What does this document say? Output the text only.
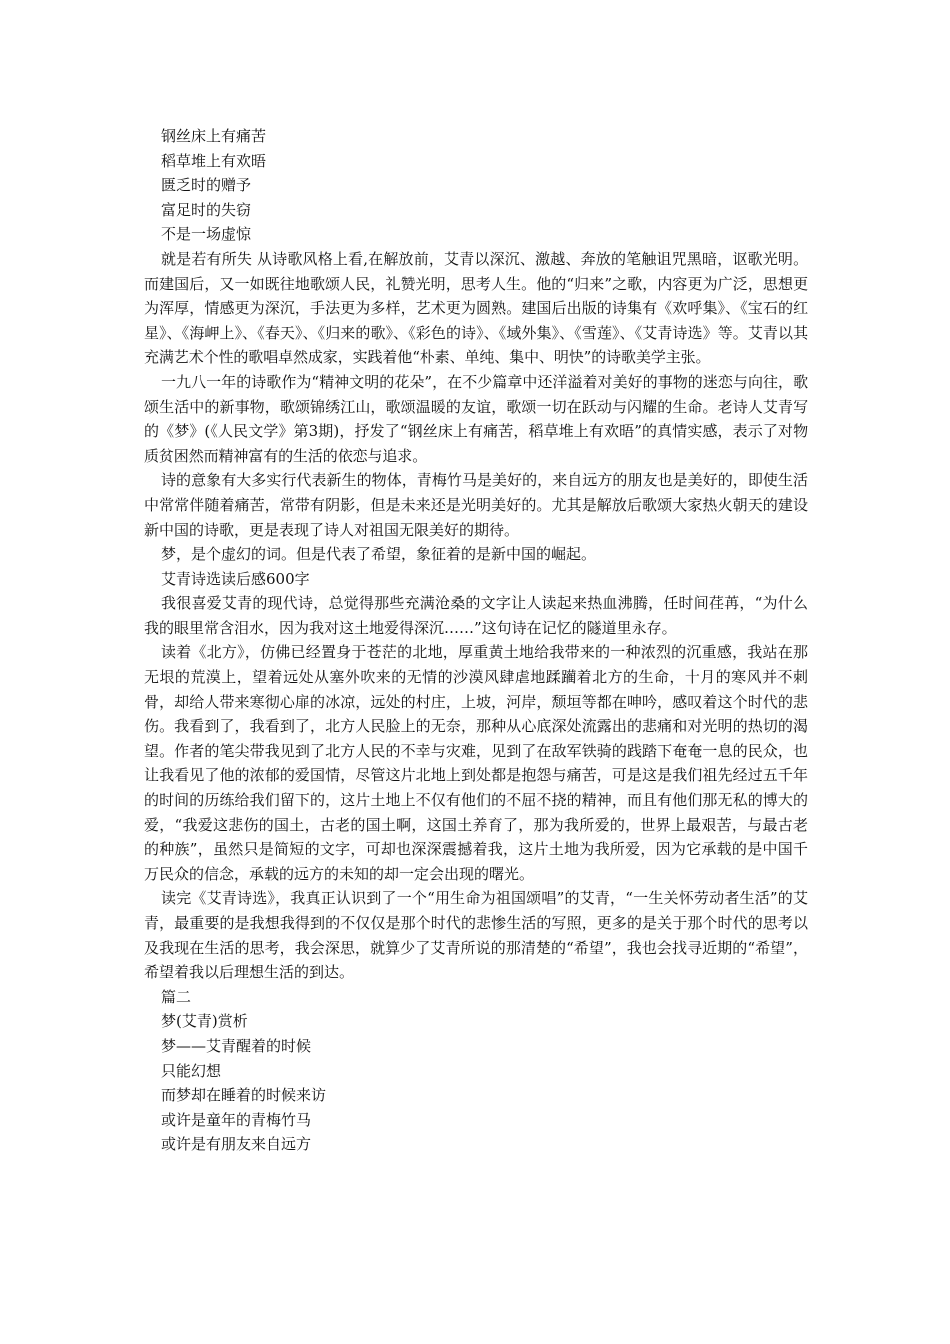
钢丝床上有痛苦
稻草堆上有欢晤
匮乏时的赠予
富足时的失窃
不是一场虚惊
就是若有所失 从诗歌风格上看,在解放前，艾青以深沉、激越、奔放的笔触诅咒黑暗，讴歌光明。而建国后，又一如既往地歌颂人民，礼赞光明，思考人生。他的“归来”之歌，内容更为广泛，思想更为浑厚，情感更为深沉，手法更为多样，艺术更为圆熟。建国后出版的诗集有《欢呼集》、《宝石的红星》、《海岬上》、《春天》、《归来的歌》、《彩色的诗》、《域外集》、《雪莲》、《艾青诗选》等。艾青以其充满艺术个性的歌唱卓然成家，实践着他“朴素、单纯、集中、明快”的诗歌美学主张。
一九八一年的诗歌作为“精神文明的花朵”，在不少篇章中还洋溢着对美好的事物的迷恋与向往，歌颂生活中的新事物，歌颂锦绣江山，歌颂温暖的友谊，歌颂一切在跃动与闪耀的生命。老诗人艾青写的《梦》(《人民文学》第3期)，抒发了“钢丝床上有痛苦，稻草堆上有欢晤”的真情实感，表示了对物质贫困然而精神富有的生活的依恋与追求。
诗的意象有大多实行代表新生的物体，青梅竹马是美好的，来自远方的朋友也是美好的，即使生活中常常伴随着痛苦，常带有阴影，但是未来还是光明美好的。尤其是解放后歌颂大家热火朝天的建设新中国的诗歌，更是表现了诗人对祖国无限美好的期待。
梦，是个虚幻的词。但是代表了希望，象征着的是新中国的崛起。
艾青诗选读后感600字
我很喜爱艾青的现代诗，总觉得那些充满沧桑的文字让人读起来热血沸腾，任时间荏苒，“为什么我的眼里常含泪水，因为我对这土地爱得深沉……”这句诗在记忆的隧道里永存。
读着《北方》，仿佛已经置身于苍茫的北地，厚重黄土地给我带来的一种浓烈的沉重感，我站在那无垠的荒漠上，望着远处从塞外吹来的无情的沙漠风肆虐地蹂躏着北方的生命，十月的寒风并不刺骨，却给人带来寒彻心扉的冰凉，远处的村庄，上坡，河岸，颓垣等都在呻吟，感叹着这个时代的悲伤。我看到了，我看到了，北方人民脸上的无奈，那种从心底深处流露出的悲痛和对光明的热切的渴望。作者的笔尖带我见到了北方人民的不幸与灾难，见到了在敌军铁骑的践踏下奄奄一息的民众，也让我看见了他的浓郁的爱国情，尽管这片北地上到处都是抱怨与痛苦，可是这是我们祖先经过五千年的时间的历练给我们留下的，这片土地上不仅有他们的不屈不挠的精神，而且有他们那无私的博大的爱，“我爱这悲伤的国土，古老的国土啊，这国土养育了，那为我所爱的，世界上最艰苦，与最古老的种族”，虽然只是简短的文字，可却也深深震撼着我，这片土地为我所爱，因为它承载的是中国千万民众的信念，承载的远方的未知的却一定会出现的曙光。
读完《艾青诗选》，我真正认识到了一个“用生命为祖国颂唱”的艾青，“一生关怀劳动者生活”的艾青，最重要的是我想我得到的不仅仅是那个时代的悲惨生活的写照，更多的是关于那个时代的思考以及我现在生活的思考，我会深思，就算少了艾青所说的那清楚的“希望”，我也会找寻近期的“希望”，希望着我以后理想生活的到达。
篇二
梦(艾青)赏析
梦——艾青醒着的时候
只能幻想
而梦却在睡着的时候来访
或许是童年的青梅竹马
或许是有朋友来自远方
